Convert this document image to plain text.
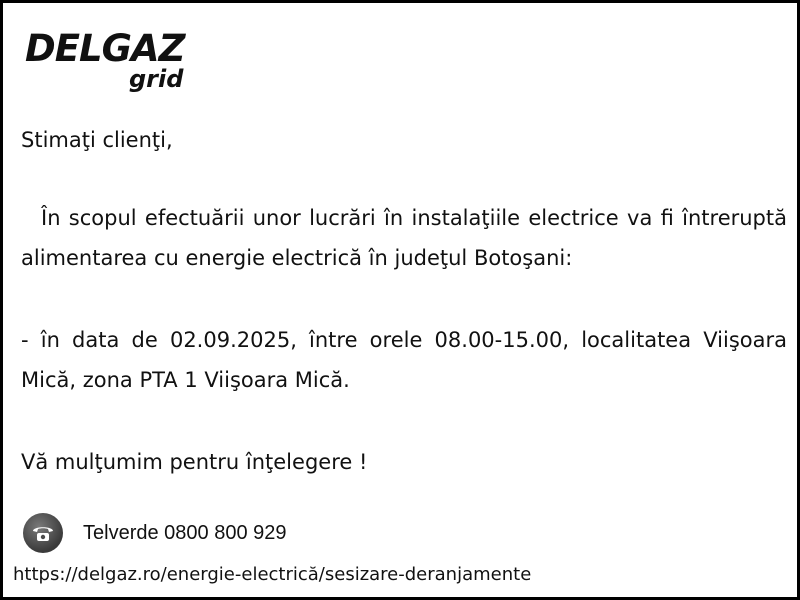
DELGAZ
grid
Stimaţi clienţi,
În scopul efectuării unor lucrări în instalaţiile electrice va fi întreruptă alimentarea cu energie electrică în judeţul Botoşani:
- în data de 02.09.2025, între orele 08.00-15.00, localitatea Viişoara Mică, zona PTA 1 Viişoara Mică.
Vă mulţumim pentru înţelegere !
Telverde 0800 800 929
https://delgaz.ro/energie-electrică/sesizare-deranjamente
